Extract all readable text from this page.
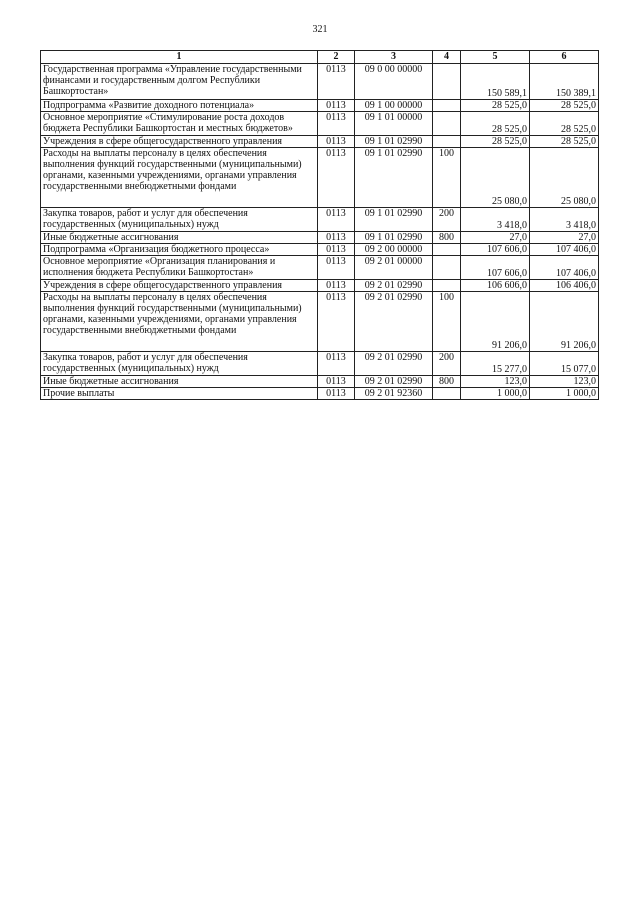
321
1	2	3	4	5	6
Государственная программа «Управление государственными финансами и государственным долгом Республики Башкортостан»	0113	09 0 00 00000		150 589,1	150 389,1
Подпрограмма «Развитие доходного потенциала»	0113	09 1 00 00000		28 525,0	28 525,0
Основное мероприятие «Стимулирование роста доходов бюджета Республики Башкортостан и местных бюджетов»	0113	09 1 01 00000		28 525,0	28 525,0
Учреждения в сфере общегосударственного управления	0113	09 1 01 02990		28 525,0	28 525,0
Расходы на выплаты персоналу в целях обеспечения выполнения функций государственными (муниципальными) органами, казенными учреждениями, органами управления государственными внебюджетными фондами	0113	09 1 01 02990	100	25 080,0	25 080,0
Закупка товаров, работ и услуг для обеспечения государственных (муниципальных) нужд	0113	09 1 01 02990	200	3 418,0	3 418,0
Иные бюджетные ассигнования	0113	09 1 01 02990	800	27,0	27,0
Подпрограмма «Организация бюджетного процесса»	0113	09 2 00 00000		107 606,0	107 406,0
Основное мероприятие «Организация планирования и исполнения бюджета Республики Башкортостан»	0113	09 2 01 00000		107 606,0	107 406,0
Учреждения в сфере общегосударственного управления	0113	09 2 01 02990		106 606,0	106 406,0
Расходы на выплаты персоналу в целях обеспечения выполнения функций государственными (муниципальными) органами, казенными учреждениями, органами управления государственными внебюджетными фондами	0113	09 2 01 02990	100	91 206,0	91 206,0
Закупка товаров, работ и услуг для обеспечения государственных (муниципальных) нужд	0113	09 2 01 02990	200	15 277,0	15 077,0
Иные бюджетные ассигнования	0113	09 2 01 02990	800	123,0	123,0
Прочие выплаты	0113	09 2 01 92360		1 000,0	1 000,0
